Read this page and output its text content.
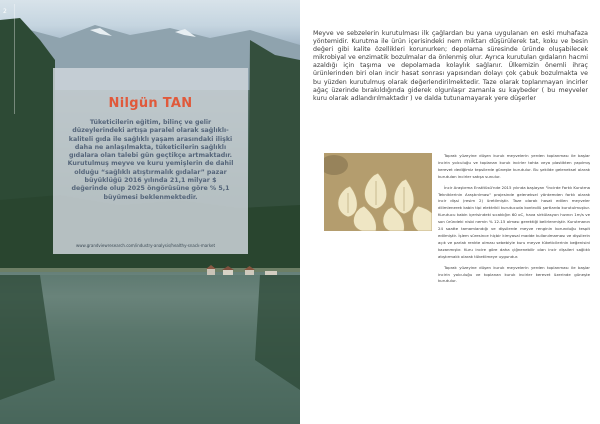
2
Nilgün TAN
Tüketicilerin eğitim, bilinç ve gelir düzeylerindeki artışa paralel olarak sağlıklı-kaliteli gıda ile sağlıklı yaşam arasındaki ilişki daha ne anlaşılmakta, tüketicilerin sağlıklı gıdalara olan talebi gün geçtikçe artmaktadır. Kurutulmuş meyve ve kuru yemişlerin de dahil olduğu “sağlıklı atıştırmalık gıdalar” pazar büyüklüğü 2016 yılında 21,1 milyar $ değerinde olup 2025 öngörüsüne göre % 5,1 büyümesi beklenmektedir.
www.grandviewresearch.com/industry-analysis/healthy-snack-market
Meyve ve sebzelerin kurutulması ilk çağlardan bu yana uygulanan en eski muhafaza yöntemidir. Kurutma ile ürün içerisindeki nem miktarı düşürülerek tat, koku ve besin değeri gibi kalite özellikleri korunurken; depolama süresinde üründe oluşabilecek mikrobiyal ve enzimatik bozulmalar da önlenmiş olur. Ayrıca kurutulan gıdaların hacmi azaldığı için taşıma ve depolamada kolaylık sağlanır. Ülkemizin önemli ihraç ürünlerinden biri olan incir hasat sonrası yapısından dolayı çok çabuk bozulmakta ve bu yüzden kurutulmuş olarak değerlendirilmektedir. Taze olarak toplanmayan incirler ağaç üzerinde bırakıldığında giderek olgunlaşır zamanla su kaybeder ( bu meyveler kuru olarak adlandırılmaktadır ) ve dalda tutunamayarak yere düşerler

Toprak yüzeyine düşen kuruk meyvelerin yerden toplanması ile başlar incirin yolculuğu ve toplanan kuruk incirler tahta veya plastikten yapılmış kerevet dediğimiz tepsilerde güneşte kurutulur. Bu şekilde geleneksel olarak kurutulan incirler satışa sunulur.

İncir Araştırma Enstitüsü'nde 2015 yılında başlayan "İncirde Farklı Kurutma Tekniklerinin Araştırılması" projesinde geleneksel yöntemden farklı olarak incir dişsi (resim 2) üretilmiştir. Taze olarak hasat edilen meyveler dilimlenerek kabin tipi elektrikli kurutucuda kontrollü şartlarda kurutulmuştur. Kurutucu kabin içerisindeki sıcaklığın 60 oC, hava sirkülasyon hızının 1m/s ve son üründeki nisbi nemin % 12-15 olması gerektiği belirlenmiştir. Kurutmanın 24 saatte tamamlandığı ve dişsilerde meyve renginin korunduğu tespit edilmiştir. İşlem süresince hiçbir kimyasal madde kullanılmaması ve dişsilerin açık ve parlak renkte olması sebebiyle kuru meyve tüketicilerinin beğenisini kazanmıştır. Kuru incire göre daha çiğnenebilir olan incir dişsileri sağlıklı atıştırmalık olarak tüketilmeye uygundur.

Toprak yüzeyine düşen kuruk meyvelerin yerden toplanması ile başlar incirin yolculuğu ve toplanan kuruk incirler kerevet üzerinde güneşte kurutulur.
